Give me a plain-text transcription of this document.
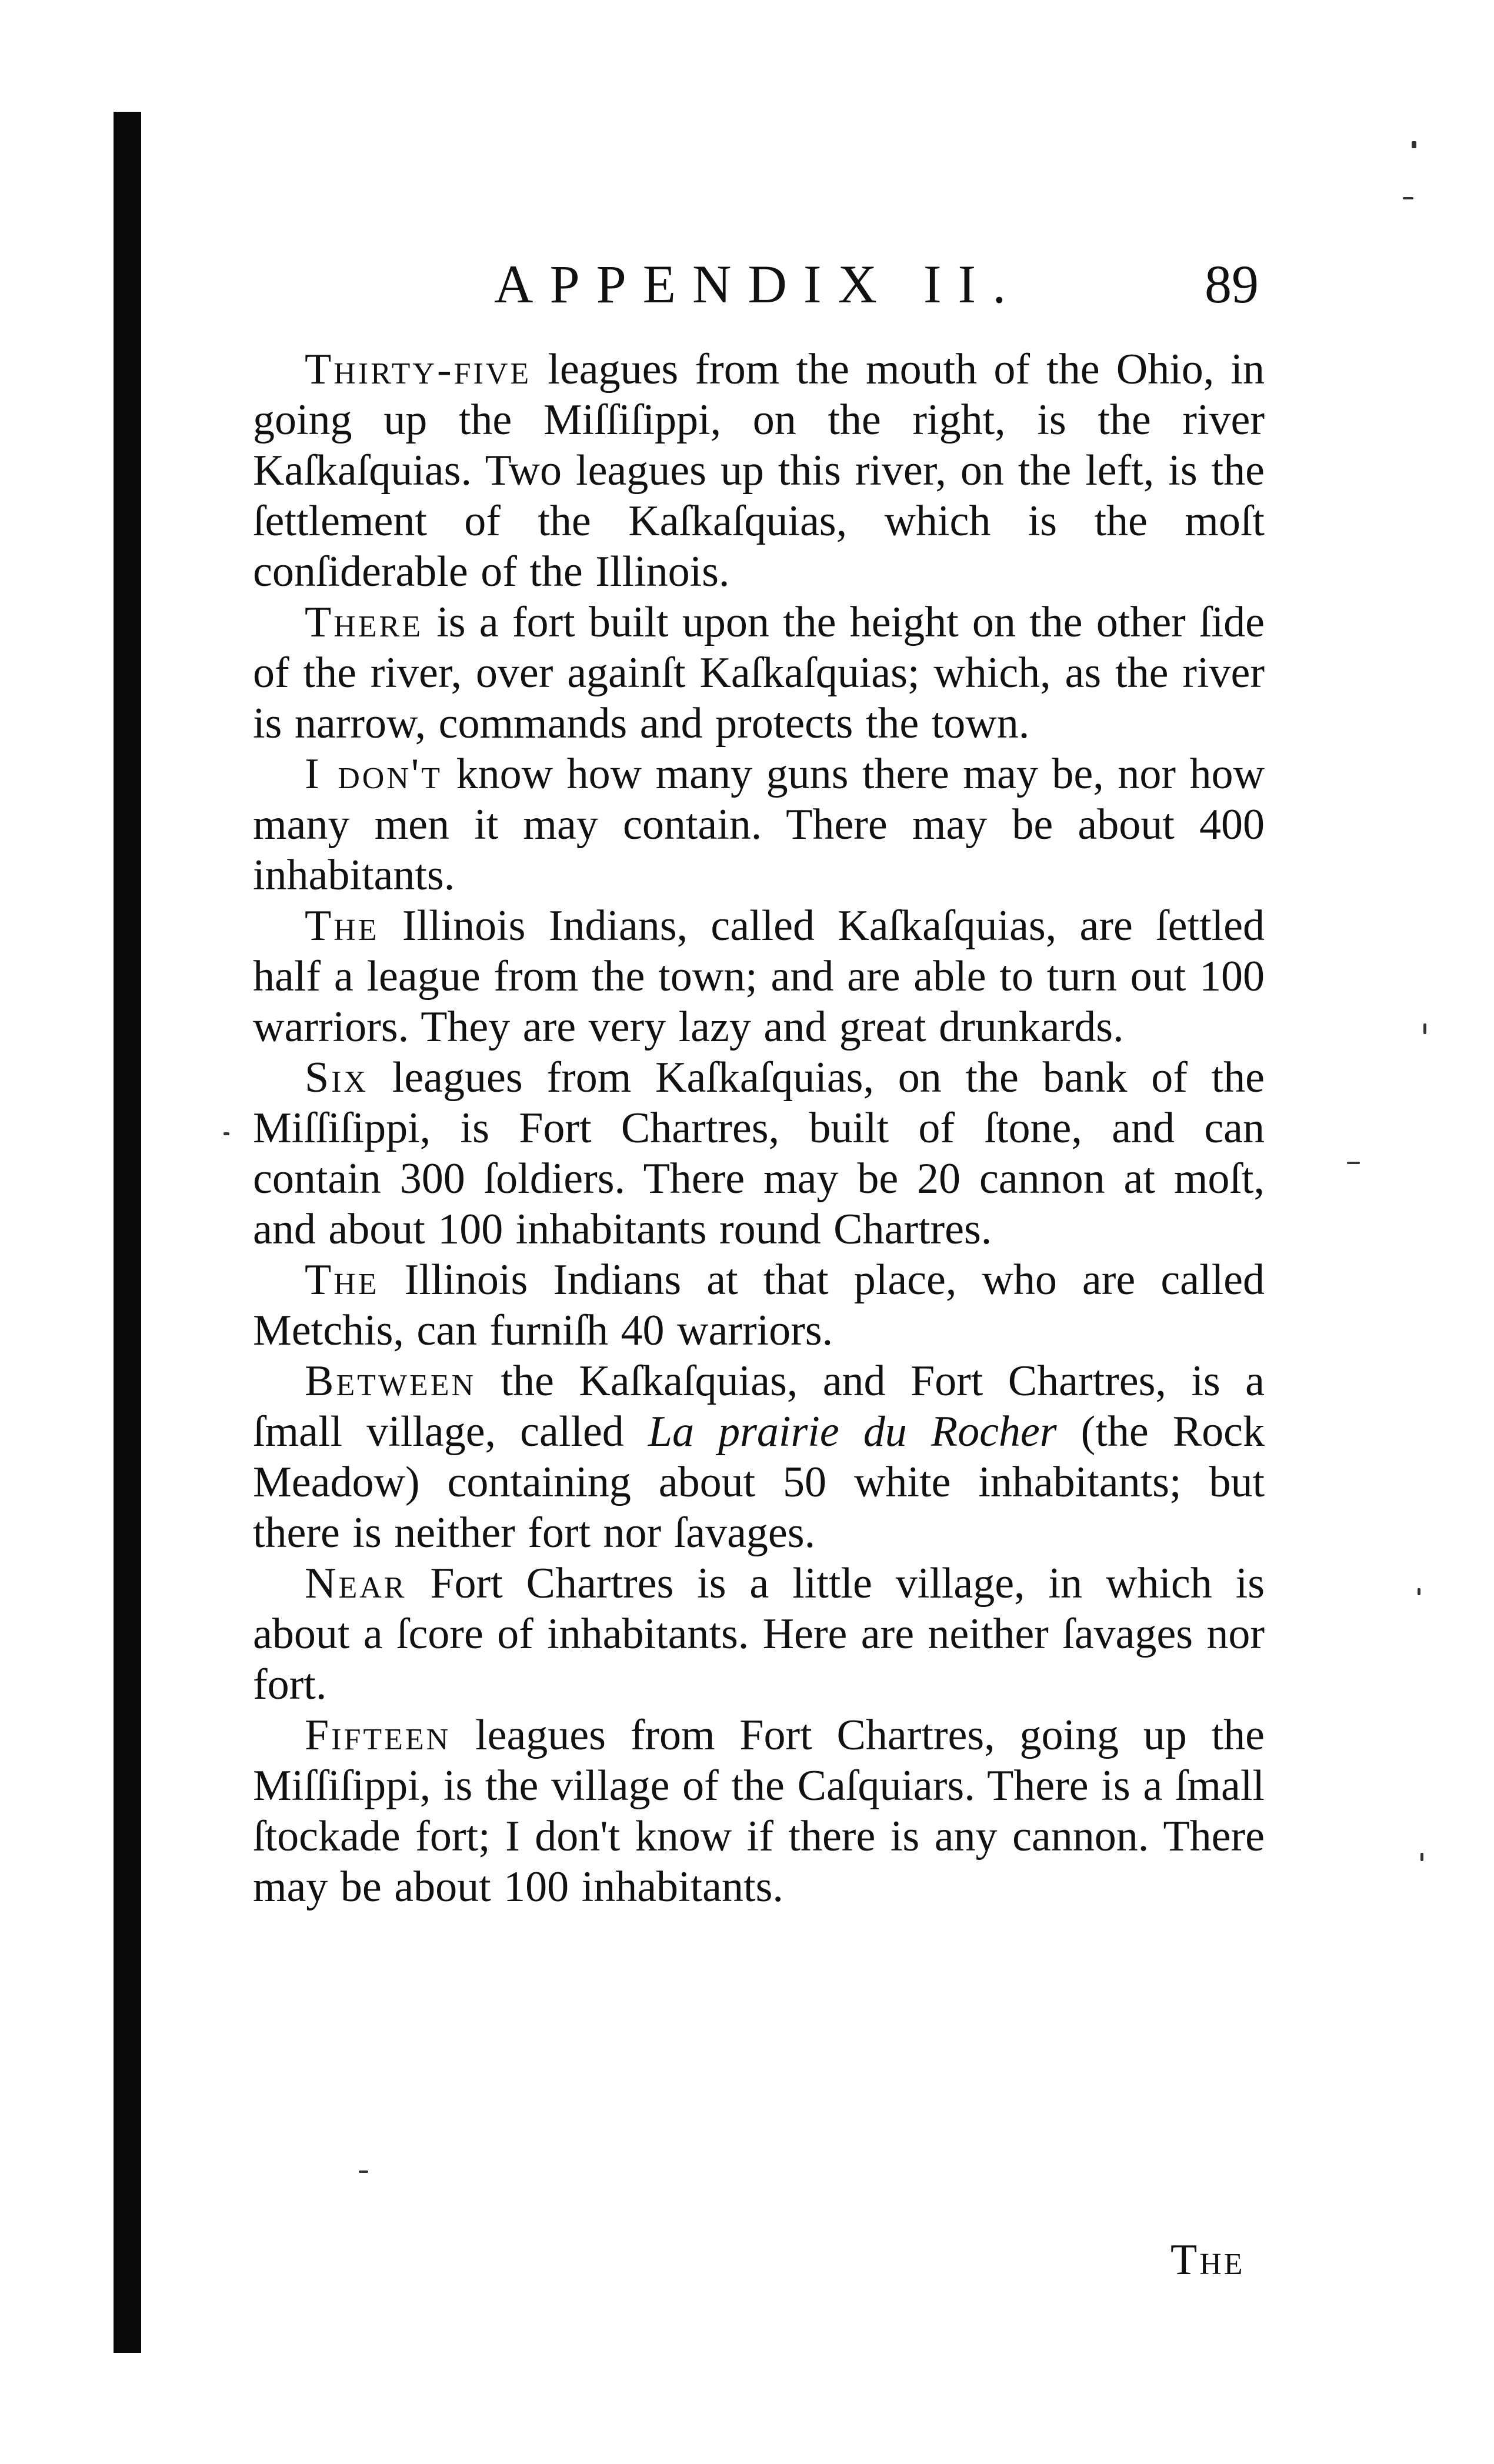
APPENDIX II.	89

Thirty-five leagues from the mouth of the Ohio, in going up the Miſſiſippi, on the right, is the river Kaſkaſquias. Two leagues up this river, on the left, is the ſettlement of the Kaſkaſquias, which is the moſt conſiderable of the Illinois.

There is a fort built upon the height on the other ſide of the river, over againſt Kaſkaſquias; which, as the river is narrow, commands and protects the town.

I don't know how many guns there may be, nor how many men it may contain. There may be about 400 inhabitants.

The Illinois Indians, called Kaſkaſquias, are ſettled half a league from the town; and are able to turn out 100 warriors. They are very lazy and great drunkards.

Six leagues from Kaſkaſquias, on the bank of the Miſſiſippi, is Fort Chartres, built of ſtone, and can contain 300 ſoldiers. There may be 20 cannon at moſt, and about 100 inhabitants round Chartres.

The Illinois Indians at that place, who are called Metchis, can furniſh 40 warriors.

Between the Kaſkaſquias, and Fort Chartres, is a ſmall village, called La prairie du Rocher (the Rock Meadow) containing about 50 white inhabitants; but there is neither fort nor ſavages.

Near Fort Chartres is a little village, in which is about a ſcore of inhabitants. Here are neither ſavages nor fort.

Fifteen leagues from Fort Chartres, going up the Miſſiſippi, is the village of the Caſquiars. There is a ſmall ſtockade fort; I don't know if there is any cannon. There may be about 100 inhabitants.

The
